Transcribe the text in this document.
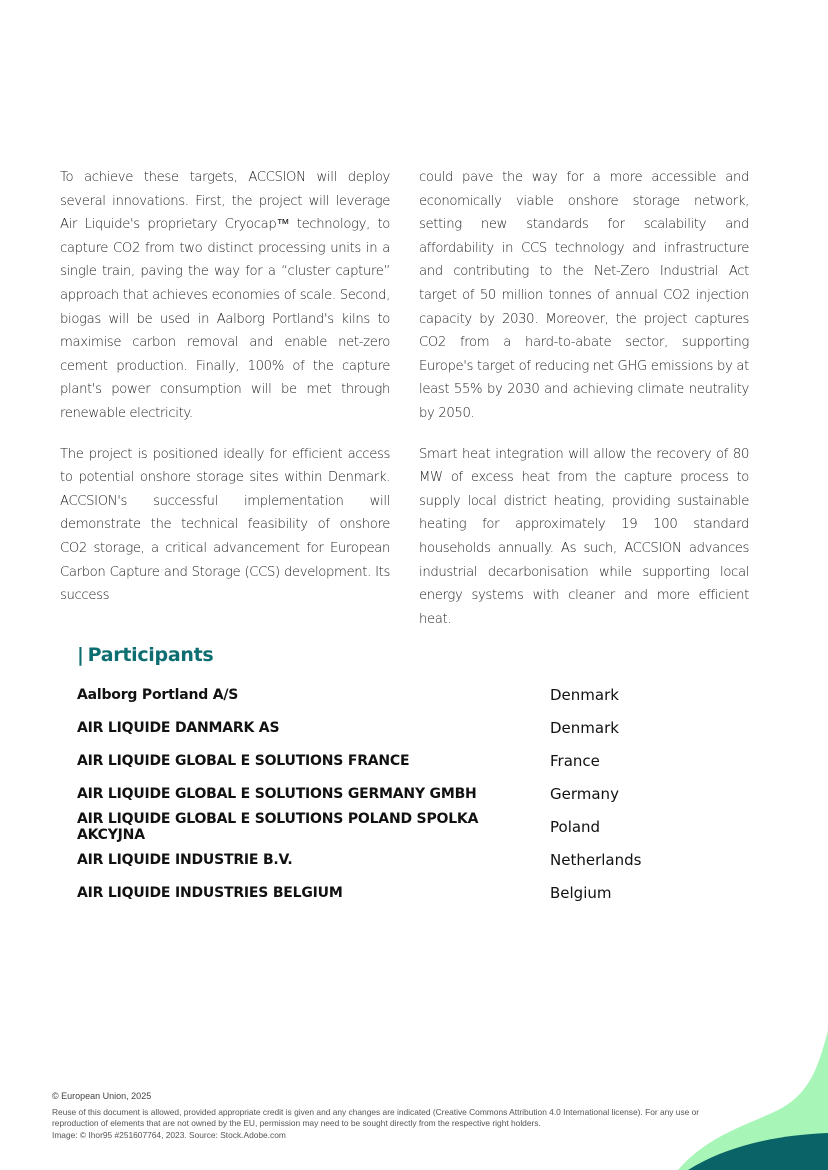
To achieve these targets, ACCSION will deploy several innovations. First, the project will leverage Air Liquide's proprietary Cryocap™ technology, to capture CO2 from two distinct processing units in a single train, paving the way for a “cluster capture” approach that achieves economies of scale. Second, biogas will be used in Aalborg Portland's kilns to maximise carbon removal and enable net-zero cement production. Finally, 100% of the capture plant's power consumption will be met through renewable electricity.

The project is positioned ideally for efficient access to potential onshore storage sites within Denmark. ACCSION's successful implementation will demonstrate the technical feasibility of onshore CO2 storage, a critical advancement for European Carbon Capture and Storage (CCS) development. Its success

could pave the way for a more accessible and economically viable onshore storage network, setting new standards for scalability and affordability in CCS technology and infrastructure and contributing to the Net-Zero Industrial Act target of 50 million tonnes of annual CO2 injection capacity by 2030. Moreover, the project captures CO2 from a hard-to-abate sector, supporting Europe's target of reducing net GHG emissions by at least 55% by 2030 and achieving climate neutrality by 2050.

Smart heat integration will allow the recovery of 80 MW of excess heat from the capture process to supply local district heating, providing sustainable heating for approximately 19 100 standard households annually. As such, ACCSION advances industrial decarbonisation while supporting local energy systems with cleaner and more efficient heat.

| Participants
Aalborg Portland A/S	Denmark
AIR LIQUIDE DANMARK AS	Denmark
AIR LIQUIDE GLOBAL E SOLUTIONS FRANCE	France
AIR LIQUIDE GLOBAL E SOLUTIONS GERMANY GMBH	Germany
AIR LIQUIDE GLOBAL E SOLUTIONS POLAND SPOLKA AKCYJNA	Poland
AIR LIQUIDE INDUSTRIE B.V.	Netherlands
AIR LIQUIDE INDUSTRIES BELGIUM	Belgium
© European Union, 2025
Reuse of this document is allowed, provided appropriate credit is given and any changes are indicated (Creative Commons Attribution 4.0 International license). For any use or reproduction of elements that are not owned by the EU, permission may need to be sought directly from the respective right holders.
Image: © Ihor95 #251607764, 2023. Source: Stock.Adobe.com
